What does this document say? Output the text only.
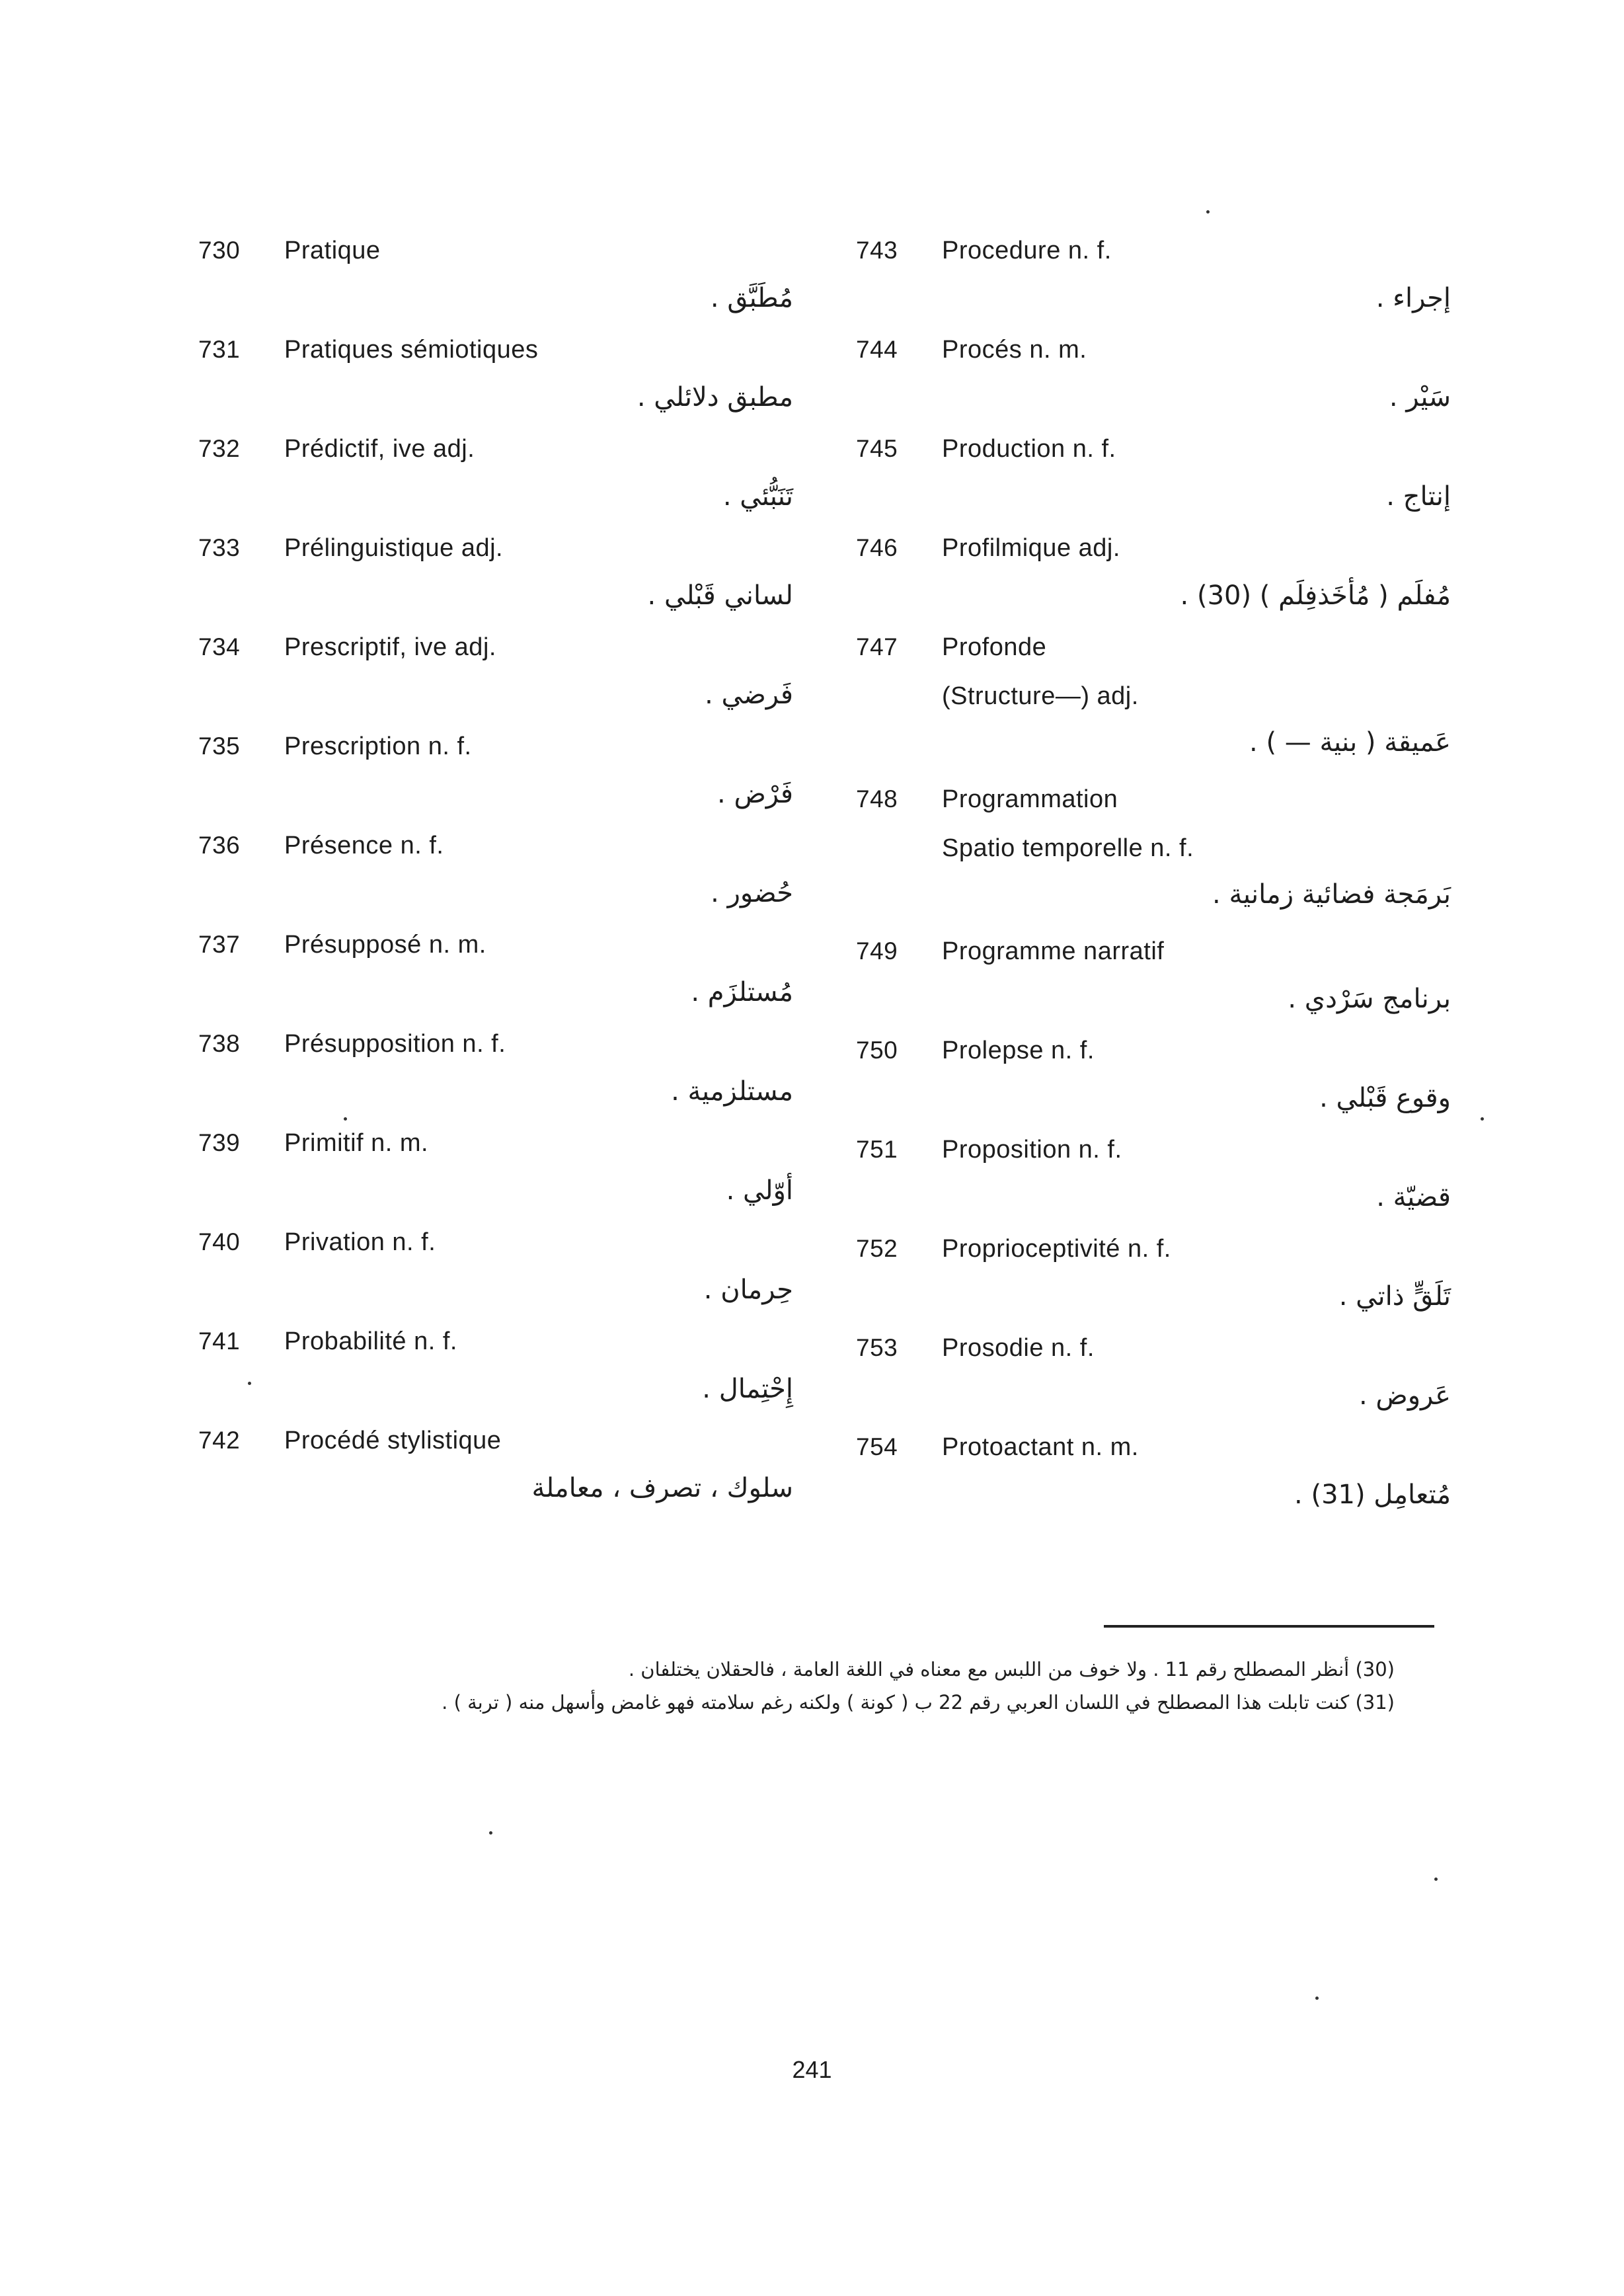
730 Pratique
مُطَبَّق .
731 Pratiques sémiotiques
مطبق دلائلي .
732 Prédictif, ive adj.
تَنَبُّئي .
733 Prélinguistique adj.
لساني قَبْلي .
734 Prescriptif, ive adj.
فَرضي .
735 Prescription n. f.
فَرْض .
736 Présence n. f.
حُضور .
737 Présupposé n. m.
مُستلزَم .
738 Présupposition n. f.
مستلزمية .
739 Primitif n. m.
أوّلي .
740 Privation n. f.
حِرمان .
741 Probabilité n. f.
إِحْتِمال .
742 Procédé stylistique
سلوك ، تصرف ، معاملة
743 Procedure n. f.
إجراء .
744 Procés n. m.
سَيْر .
745 Production n. f.
إنتاج .
746 Profilmique adj.
مُفلَم ( مُأخَذفِلَم ) (30) .
747 Profonde
(Structure—) adj.
عَميقة ( بنية — ) .
748 Programmation
Spatio temporelle n. f.
بَرمَجة فضائية زمانية .
749 Programme narratif
برنامج سَرْدي .
750 Prolepse n. f.
وقوع قَبْلي .
751 Proposition n. f.
قضيّة .
752 Proprioceptivité n. f.
تَلَقٍّ ذاتي .
753 Prosodie n. f.
عَروض .
754 Protoactant n. m.
مُتعامِل (31) .
(30) أنظر المصطلح رقم 11 . ولا خوف من اللبس مع معناه في اللغة العامة ، فالحقلان يختلفان .
(31) كنت تابلت هذا المصطلح في اللسان العربي رقم 22 ب ( كونة ) ولكنه رغم سلامته فهو غامض وأسهل منه ( تربة ) .
241
